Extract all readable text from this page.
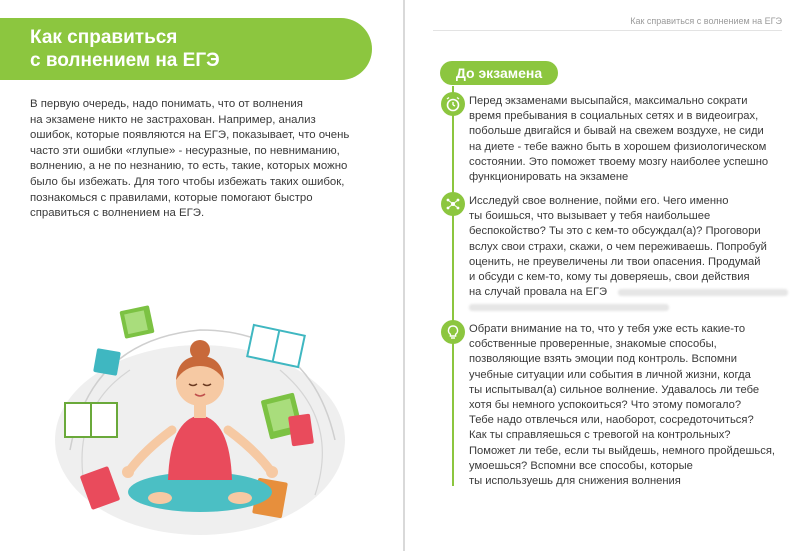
Как справиться
с волнением на ЕГЭ
В первую очередь, надо понимать, что от волнения
на экзамене никто не застрахован. Например, анализ
ошибок, которые появляются на ЕГЭ, показывает, что очень
часто эти ошибки «глупые» - несуразные, по невниманию,
волнению, а не по незнанию, то есть, такие, которых можно
было бы избежать. Для того чтобы избежать таких ошибок,
познакомься с правилами, которые помогают быстро
справиться с волнением на ЕГЭ.
Как справиться с волнением на ЕГЭ
До экзамена
Перед экзаменами высыпайся, максимально сократи
время пребывания в социальных сетях и в видеоиграх,
побольше двигайся и бывай на свежем воздухе, не сиди
на диете - тебе важно быть в хорошем физиологическом
состоянии. Это поможет твоему мозгу наиболее успешно
функционировать на экзамене
Исследуй свое волнение, пойми его. Чего именно
ты боишься, что вызывает у тебя наибольшее
беспокойство? Ты это с кем-то обсуждал(а)? Проговори
вслух свои страхи, скажи, о чем переживаешь. Попробуй
оценить, не преувеличены ли твои опасения. Продумай
и обсуди с кем-то, кому ты доверяешь, свои действия
на случай провала на ЕГЭ
Обрати внимание на то, что у тебя уже есть какие-то
собственные проверенные, знакомые способы,
позволяющие взять эмоции под контроль. Вспомни
учебные ситуации или события в личной жизни, когда
ты испытывал(а) сильное волнение. Удавалось ли тебе
хотя бы немного успокоиться? Что этому помогало?
Тебе надо отвлечься или, наоборот, сосредоточиться?
Как ты справляешься с тревогой на контрольных?
Поможет ли тебе, если ты выйдешь, немного пройдешься,
умоешься? Вспомни все способы, которые
ты используешь для снижения волнения
